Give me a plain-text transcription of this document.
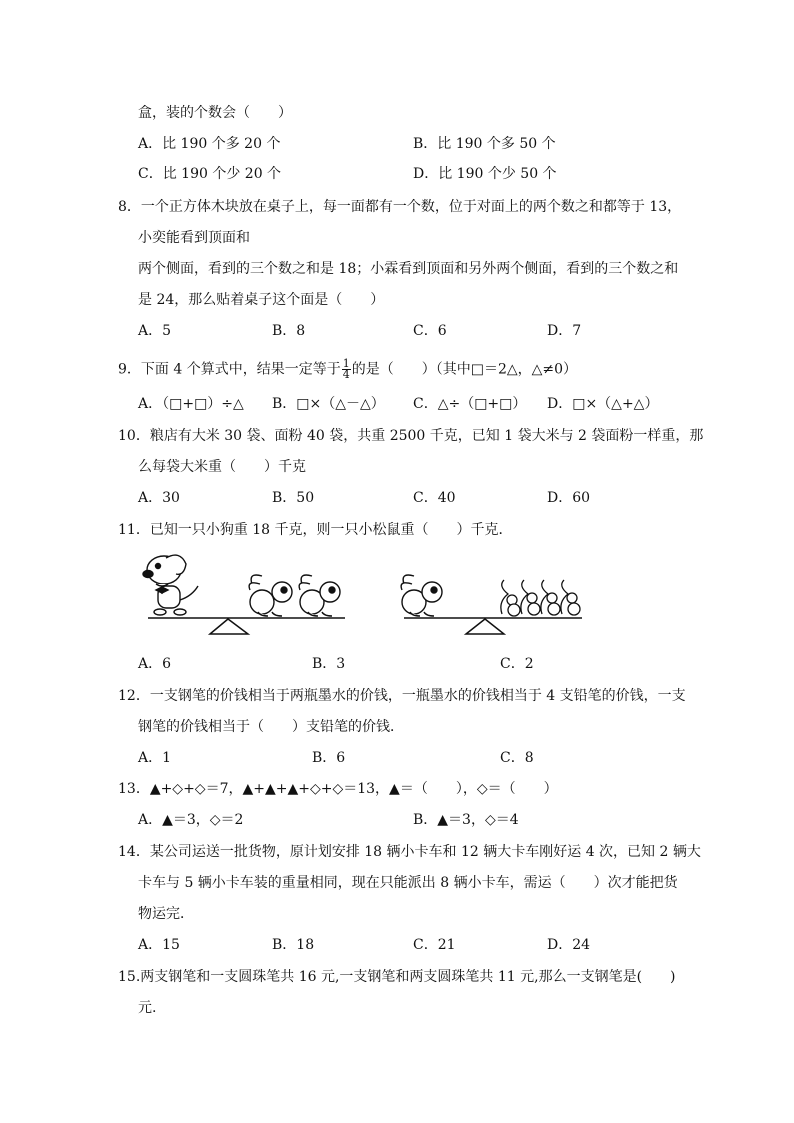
盒，装的个数会（　　）
A．比 190 个多 20 个	B．比 190 个多 50 个
C．比 190 个少 20 个	D．比 190 个少 50 个
8．一个正方体木块放在桌子上，每一面都有一个数，位于对面上的两个数之和都等于 13，
小奕能看到顶面和
两个侧面，看到的三个数之和是 18；小霖看到顶面和另外两个侧面，看到的三个数之和
是 24，那么贴着桌子这个面是（　　）
A．5	B．8	C．6	D．7
9．下面 4 个算式中，结果一定等于 $\frac{1}{4}$ 的是（　　）（其中□＝2△，△≠0）
A．（□+□）÷△ B．□×（△－△） C．△÷（□+□） D．□×（△+△）
10．粮店有大米 30 袋、面粉 40 袋，共重 2500 千克，已知 1 袋大米与 2 袋面粉一样重，那
么每袋大米重（　　）千克
A．30	B．50	C．40	D．60
11．已知一只小狗重 18 千克，则一只小松鼠重（　　）千克．
A．6	B．3	C．2
12．一支钢笔的价钱相当于两瓶墨水的价钱，一瓶墨水的价钱相当于 4 支铅笔的价钱，一支
钢笔的价钱相当于（　　）支铅笔的价钱．
A．1	B．6	C．8
13．▲+◇+◇＝7，▲+▲+▲+◇+◇＝13，▲＝（　　），◇＝（　　）
A．▲＝3，◇＝2	B．▲＝3，◇＝4
14．某公司运送一批货物，原计划安排 18 辆小卡车和 12 辆大卡车刚好运 4 次，已知 2 辆大
卡车与 5 辆小卡车装的重量相同，现在只能派出 8 辆小卡车，需运（　　）次才能把货
物运完．
A．15	B．18	C．21	D．24
15.两支钢笔和一支圆珠笔共 16 元,一支钢笔和两支圆珠笔共 11 元,那么一支钢笔是(　　)
元.
